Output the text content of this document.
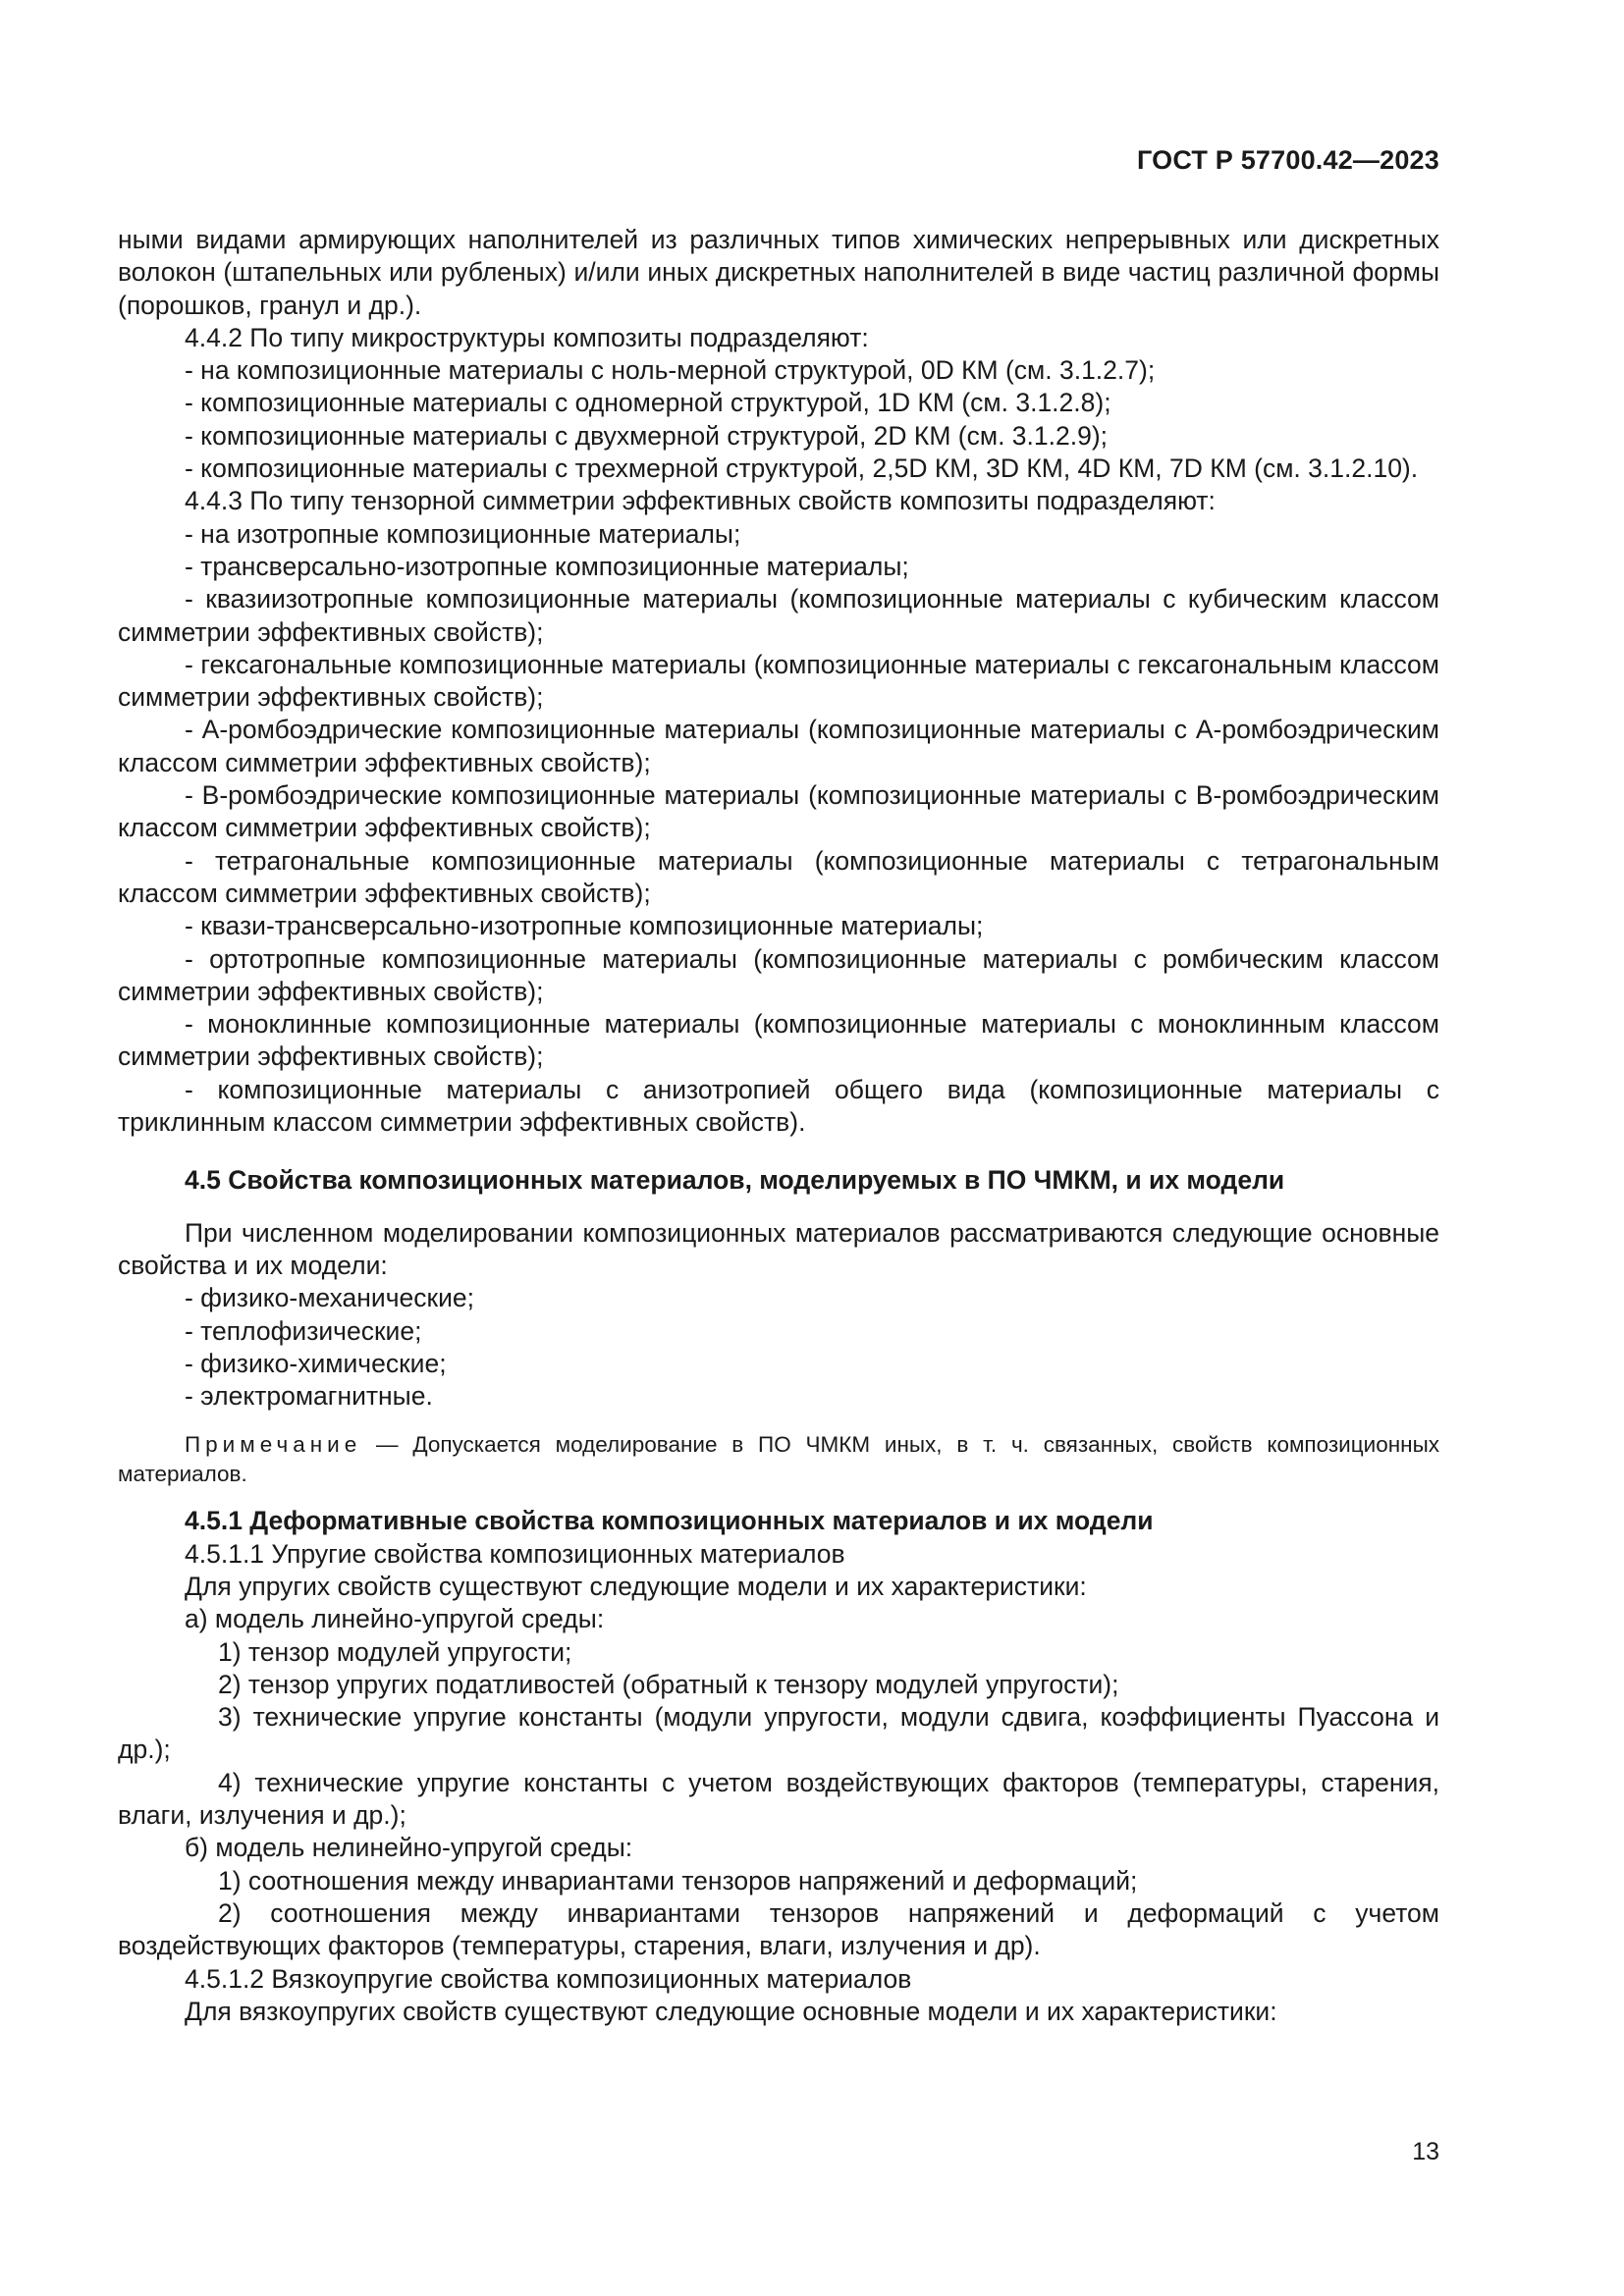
ГОСТ Р 57700.42—2023

ными видами армирующих наполнителей из различных типов химических непрерывных или дискретных волокон (штапельных или рубленых) и/или иных дискретных наполнителей в виде частиц различной формы (порошков, гранул и др.).

4.4.2 По типу микроструктуры композиты подразделяют:

- на композиционные материалы с ноль-мерной структурой, 0D КМ (см. 3.1.2.7);

- композиционные материалы с одномерной структурой, 1D КМ (см. 3.1.2.8);

- композиционные материалы с двухмерной структурой, 2D КМ (см. 3.1.2.9);

- композиционные материалы с трехмерной структурой, 2,5D КМ, 3D КМ, 4D КМ, 7D КМ (см. 3.1.2.10).

4.4.3 По типу тензорной симметрии эффективных свойств композиты подразделяют:

- на изотропные композиционные материалы;

- трансверсально-изотропные композиционные материалы;

- квазиизотропные композиционные материалы (композиционные материалы с кубическим классом симметрии эффективных свойств);

- гексагональные композиционные материалы (композиционные материалы с гексагональным классом симметрии эффективных свойств);

- А-ромбоэдрические композиционные материалы (композиционные материалы с А-ромбоэдрическим классом симметрии эффективных свойств);

- В-ромбоэдрические композиционные материалы (композиционные материалы с В-ромбоэдрическим классом симметрии эффективных свойств);

- тетрагональные композиционные материалы (композиционные материалы с тетрагональным классом симметрии эффективных свойств);

- квази-трансверсально-изотропные композиционные материалы;

- ортотропные композиционные материалы (композиционные материалы с ромбическим классом симметрии эффективных свойств);

- моноклинные композиционные материалы (композиционные материалы с моноклинным классом симметрии эффективных свойств);

- композиционные материалы с анизотропией общего вида (композиционные материалы с триклинным классом симметрии эффективных свойств).

4.5 Свойства композиционных материалов, моделируемых в ПО ЧМКМ, и их модели

При численном моделировании композиционных материалов рассматриваются следующие основные свойства и их модели:

- физико-механические;

- теплофизические;

- физико-химические;

- электромагнитные.

Примечание — Допускается моделирование в ПО ЧМКМ иных, в т. ч. связанных, свойств композиционных материалов.

4.5.1 Деформативные свойства композиционных материалов и их модели

4.5.1.1 Упругие свойства композиционных материалов

Для упругих свойств существуют следующие модели и их характеристики:

а) модель линейно-упругой среды:

1) тензор модулей упругости;

2) тензор упругих податливостей (обратный к тензору модулей упругости);

3) технические упругие константы (модули упругости, модули сдвига, коэффициенты Пуассона и др.);

4) технические упругие константы с учетом воздействующих факторов (температуры, старения, влаги, излучения и др.);

б) модель нелинейно-упругой среды:

1) соотношения между инвариантами тензоров напряжений и деформаций;

2) соотношения между инвариантами тензоров напряжений и деформаций с учетом воздействующих факторов (температуры, старения, влаги, излучения и др).

4.5.1.2 Вязкоупругие свойства композиционных материалов

Для вязкоупругих свойств существуют следующие основные модели и их характеристики:

13
